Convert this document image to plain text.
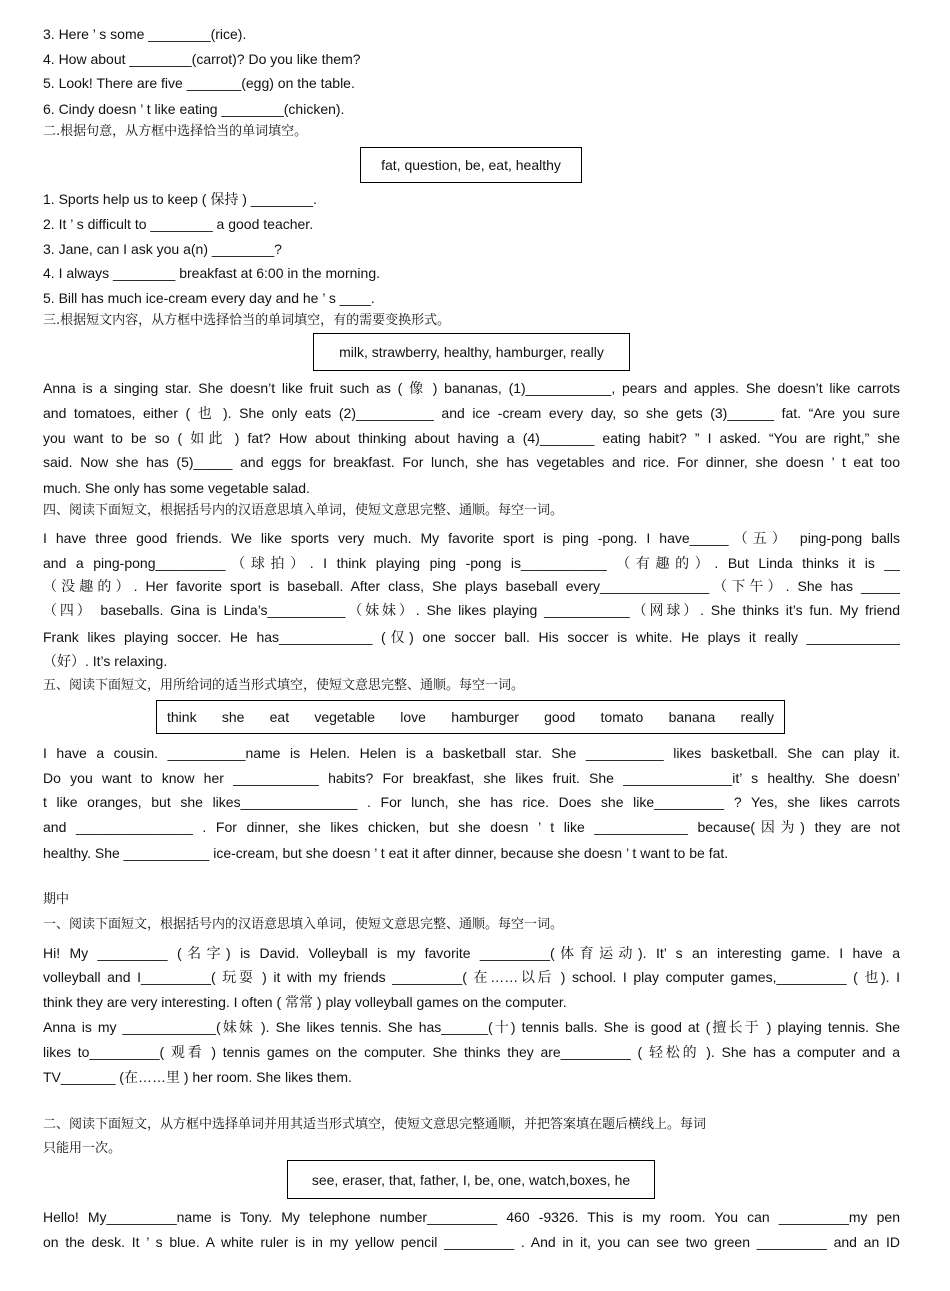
3. Here ’ s some ________(rice).
4. How about ________(carrot)? Do you like them?
5. Look! There are five _______(egg) on the table.
6. Cindy doesn ’ t like eating ________(chicken).
二.根据句意，从方框中选择恰当的单词填空。
fat, question, be, eat, healthy
1. Sports help us to keep ( 保持 ) ________.
2. It ’ s difficult to ________ a good teacher.
3. Jane, can I ask you a(n) ________?
4. I always ________ breakfast at 6:00 in the morning.
5. Bill has much ice-cream every day and he ’ s ____.
三.根据短文内容，从方框中选择恰当的单词填空，有的需要变换形式。
milk, strawberry, healthy, hamburger, really
Anna is a singing star. She doesn’t like fruit such as ( 像 ) bananas, (1)___________, pears and apples. She doesn’t like carrots
and tomatoes, either ( 也 ). She only eats (2)__________ and ice -cream every day, so she gets (3)______ fat. “Are you sure
you want to be so ( 如此 ) fat? How about thinking about having a (4)_______ eating habit? ” I asked. “You are right,” she
said. Now she has (5)_____ and eggs for breakfast. For lunch, she has vegetables and rice. For dinner, she doesn ’ t eat too
much. She only has some vegetable salad.
四、阅读下面短文，根据括号内的汉语意思填入单词，使短文意思完整、通顺。每空一词。
I have three good friends. We like sports very much. My favorite sport is ping -pong. I have_____（五） ping-pong balls
and a ping-pong_________（球拍）. I think playing ping -pong is___________ （有趣的）. But Linda thinks it is __
（没趣的）. Her favorite sport is baseball. After class, She plays baseball every______________（下午）. She has _____
（四） baseballs. Gina is Linda’s__________（妹妹）. She likes playing ___________（网球）. She thinks it’s fun. My friend
Frank likes playing soccer. He has____________ (仅) one soccer ball. His soccer is white. He plays it really ____________
（好）. It’s relaxing.
五、阅读下面短文，用所给词的适当形式填空，使短文意思完整、通顺。每空一词。
think she eat vegetable love hamburger good tomato banana really
I have a cousin. __________name is Helen. Helen is a basketball star. She __________ likes basketball. She can play it.
Do you want to know her ___________ habits? For breakfast, she likes fruit. She ______________it’ s healthy. She doesn’
t like oranges, but she likes_______________ . For lunch, she has rice. Does she like_________ ? Yes, she likes carrots
and _______________ . For dinner, she likes chicken, but she doesn ’ t like ____________ because(因为) they are not
healthy. She ___________ ice-cream, but she doesn ’ t eat it after dinner, because she doesn ’ t want to be fat.
期中
一、阅读下面短文，根据括号内的汉语意思填入单词，使短文意思完整、通顺。每空一词。
Hi! My _________ (名字) is David. Volleyball is my favorite _________(体育运动). It’ s an interesting game. I have a
volleyball and I_________( 玩耍 ) it with my friends _________( 在……以后 ) school. I play computer games,_________ ( 也). I
think they are very interesting. I often ( 常常 ) play volleyball games on the computer.
Anna is my ____________(妹妹 ). She likes tennis. She has______(十) tennis balls. She is good at (擅长于 ) playing tennis. She
likes to_________( 观看 ) tennis games on the computer. She thinks they are_________ ( 轻松的 ). She has a computer and a
TV_______ (在……里 ) her room. She likes them.
二、阅读下面短文，从方框中选择单词并用其适当形式填空，使短文意思完整通顺，并把答案填在题后横线上。每词
只能用一次。
see, eraser, that, father, I, be, one, watch,boxes, he
Hello! My_________name is Tony. My telephone number_________ 460 -9326. This is my room. You can _________my pen
on the desk. It ’ s blue. A white ruler is in my yellow pencil _________ . And in it, you can see two green _________ and an ID
